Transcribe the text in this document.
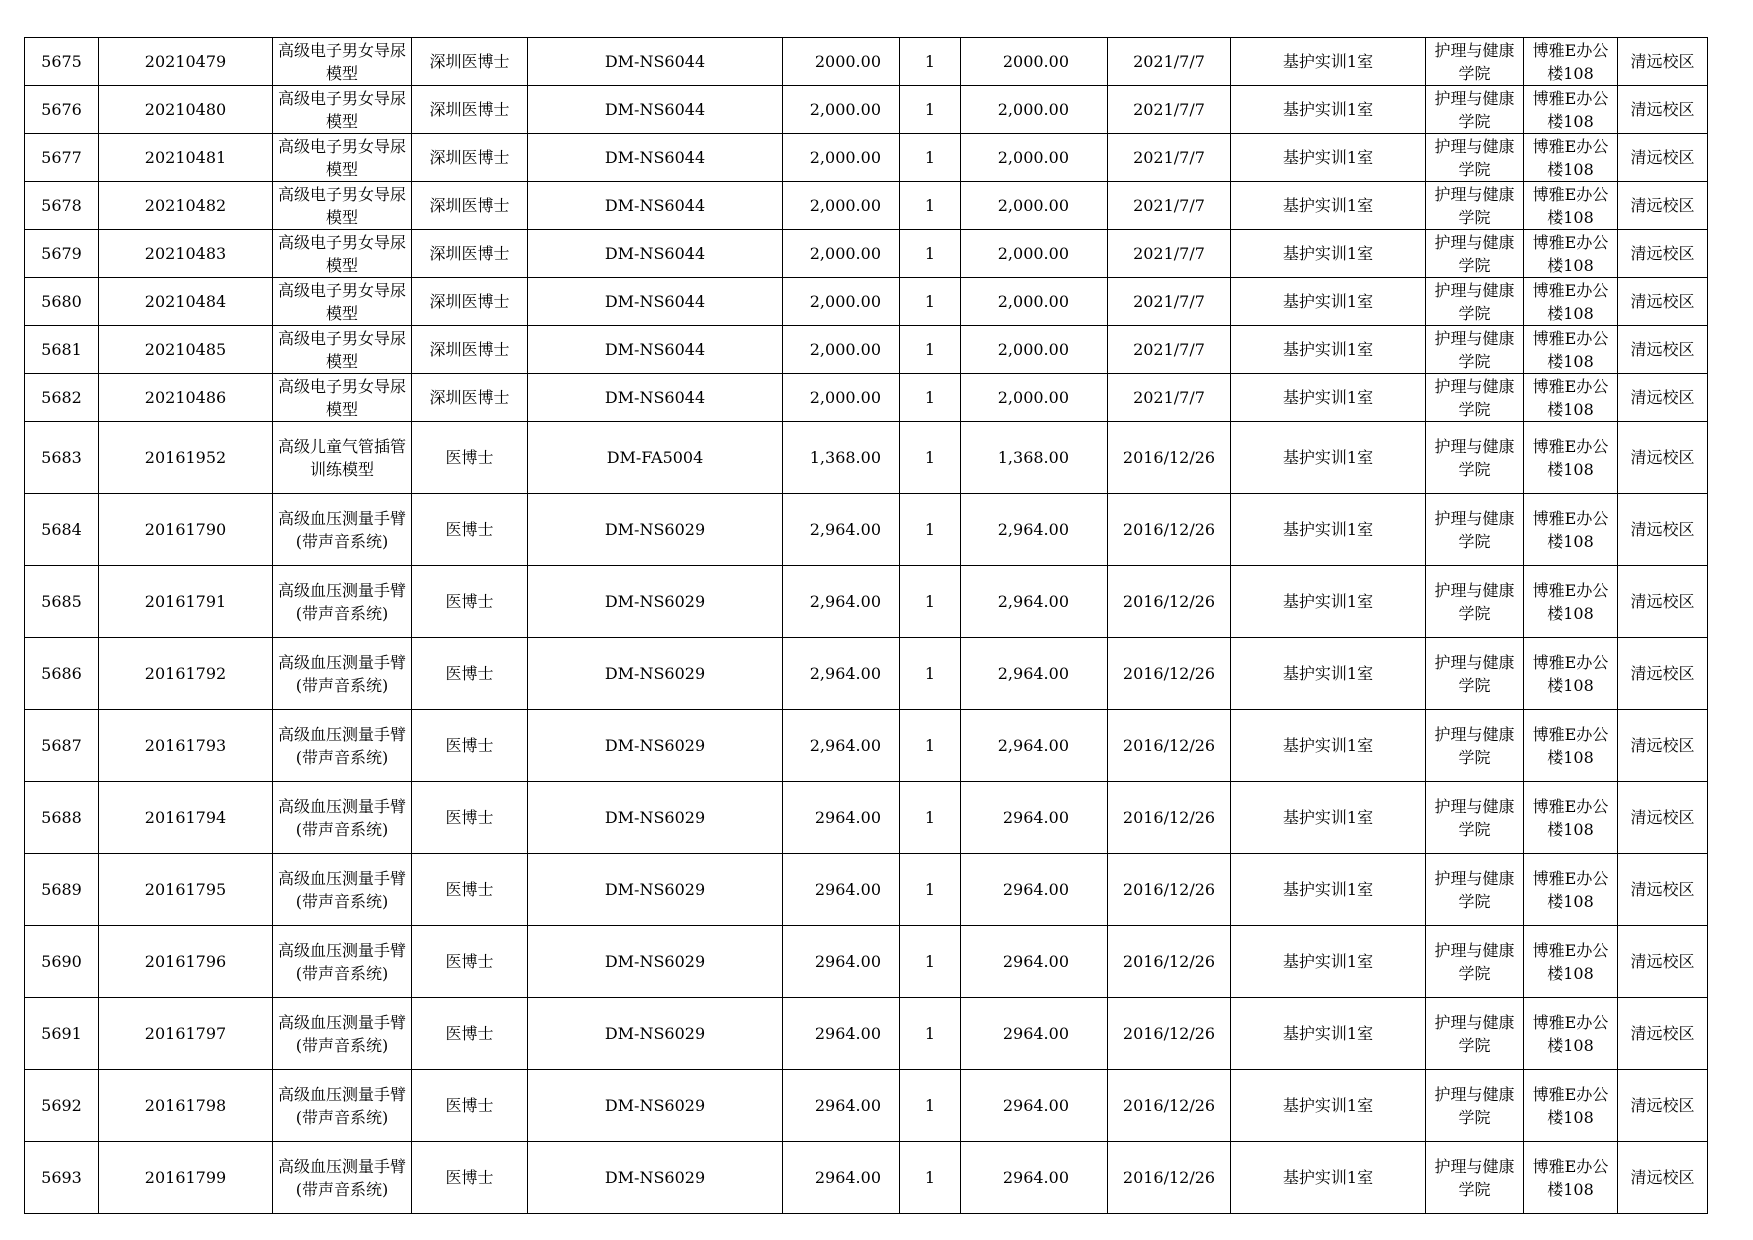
5675	20210479	高级电子男女导尿模型	深圳医博士	DM-NS6044	2000.00	1	2000.00	2021/7/7	基护实训1室	护理与健康学院	博雅E办公楼108	清远校区
5676	20210480	高级电子男女导尿模型	深圳医博士	DM-NS6044	2,000.00	1	2,000.00	2021/7/7	基护实训1室	护理与健康学院	博雅E办公楼108	清远校区
5677	20210481	高级电子男女导尿模型	深圳医博士	DM-NS6044	2,000.00	1	2,000.00	2021/7/7	基护实训1室	护理与健康学院	博雅E办公楼108	清远校区
5678	20210482	高级电子男女导尿模型	深圳医博士	DM-NS6044	2,000.00	1	2,000.00	2021/7/7	基护实训1室	护理与健康学院	博雅E办公楼108	清远校区
5679	20210483	高级电子男女导尿模型	深圳医博士	DM-NS6044	2,000.00	1	2,000.00	2021/7/7	基护实训1室	护理与健康学院	博雅E办公楼108	清远校区
5680	20210484	高级电子男女导尿模型	深圳医博士	DM-NS6044	2,000.00	1	2,000.00	2021/7/7	基护实训1室	护理与健康学院	博雅E办公楼108	清远校区
5681	20210485	高级电子男女导尿模型	深圳医博士	DM-NS6044	2,000.00	1	2,000.00	2021/7/7	基护实训1室	护理与健康学院	博雅E办公楼108	清远校区
5682	20210486	高级电子男女导尿模型	深圳医博士	DM-NS6044	2,000.00	1	2,000.00	2021/7/7	基护实训1室	护理与健康学院	博雅E办公楼108	清远校区
5683	20161952	高级儿童气管插管训练模型	医博士	DM-FA5004	1,368.00	1	1,368.00	2016/12/26	基护实训1室	护理与健康学院	博雅E办公楼108	清远校区
5684	20161790	高级血压测量手臂(带声音系统)	医博士	DM-NS6029	2,964.00	1	2,964.00	2016/12/26	基护实训1室	护理与健康学院	博雅E办公楼108	清远校区
5685	20161791	高级血压测量手臂(带声音系统)	医博士	DM-NS6029	2,964.00	1	2,964.00	2016/12/26	基护实训1室	护理与健康学院	博雅E办公楼108	清远校区
5686	20161792	高级血压测量手臂(带声音系统)	医博士	DM-NS6029	2,964.00	1	2,964.00	2016/12/26	基护实训1室	护理与健康学院	博雅E办公楼108	清远校区
5687	20161793	高级血压测量手臂(带声音系统)	医博士	DM-NS6029	2,964.00	1	2,964.00	2016/12/26	基护实训1室	护理与健康学院	博雅E办公楼108	清远校区
5688	20161794	高级血压测量手臂(带声音系统)	医博士	DM-NS6029	2964.00	1	2964.00	2016/12/26	基护实训1室	护理与健康学院	博雅E办公楼108	清远校区
5689	20161795	高级血压测量手臂(带声音系统)	医博士	DM-NS6029	2964.00	1	2964.00	2016/12/26	基护实训1室	护理与健康学院	博雅E办公楼108	清远校区
5690	20161796	高级血压测量手臂(带声音系统)	医博士	DM-NS6029	2964.00	1	2964.00	2016/12/26	基护实训1室	护理与健康学院	博雅E办公楼108	清远校区
5691	20161797	高级血压测量手臂(带声音系统)	医博士	DM-NS6029	2964.00	1	2964.00	2016/12/26	基护实训1室	护理与健康学院	博雅E办公楼108	清远校区
5692	20161798	高级血压测量手臂(带声音系统)	医博士	DM-NS6029	2964.00	1	2964.00	2016/12/26	基护实训1室	护理与健康学院	博雅E办公楼108	清远校区
5693	20161799	高级血压测量手臂(带声音系统)	医博士	DM-NS6029	2964.00	1	2964.00	2016/12/26	基护实训1室	护理与健康学院	博雅E办公楼108	清远校区
